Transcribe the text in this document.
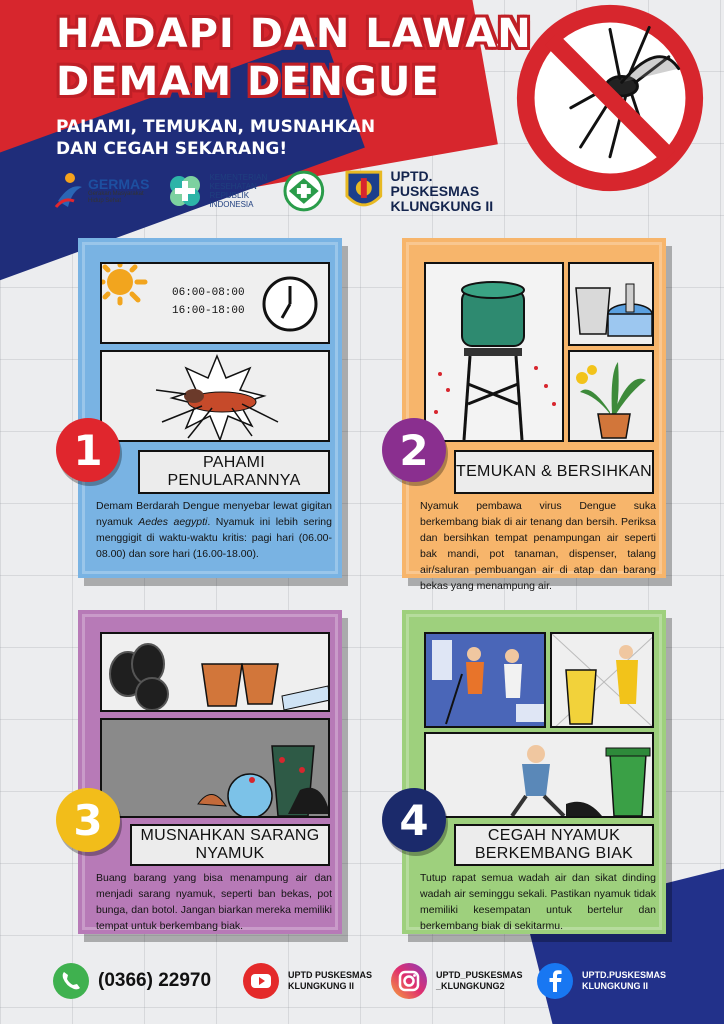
HADAPI DAN LAWAN
DEMAM DENGUE
PAHAMI, TEMUKAN, MUSNAHKAN
DAN CEGAH SEKARANG!
GERMAS
Gerakan Masyarakat
Hidup Sehat
KEMENTERIAN
KESEHATAN
REPUBLIK
INDONESIA
UPTD. PUSKESMAS
KLUNGKUNG II
06:00-08:00
16:00-18:00
PAHAMI
PENULARANNYA
Demam Berdarah Dengue menyebar lewat gigitan nyamuk Aedes aegypti. Nyamuk ini lebih sering menggigit di waktu-waktu kritis: pagi hari (06.00-08.00) dan sore hari (16.00-18.00).
1	TEMUKAN & BERSIHKAN
Nyamuk pembawa virus Dengue suka berkembang biak di air tenang dan bersih. Periksa dan bersihkan tempat penampungan air seperti bak mandi, pot tanaman, dispenser, talang air/saluran pembuangan air di atap dan barang bekas yang menampung air.
2
MUSNAHKAN SARANG
NYAMUK
Buang barang yang bisa menampung air dan menjadi sarang nyamuk, seperti ban bekas, pot bunga, dan botol. Jangan biarkan mereka memiliki tempat untuk berkembang biak.
3	CEGAH NYAMUK
BERKEMBANG BIAK
Tutup rapat semua wadah air dan sikat dinding wadah air seminggu sekali. Pastikan nyamuk tidak memiliki kesempatan untuk bertelur dan berkembang biak di sekitarmu.
4
(0366) 22970	UPTD PUSKESMAS
KLUNGKUNG II
UPTD_PUSKESMAS
_KLUNGKUNG2
UPTD.PUSKESMAS
KLUNGKUNG II
